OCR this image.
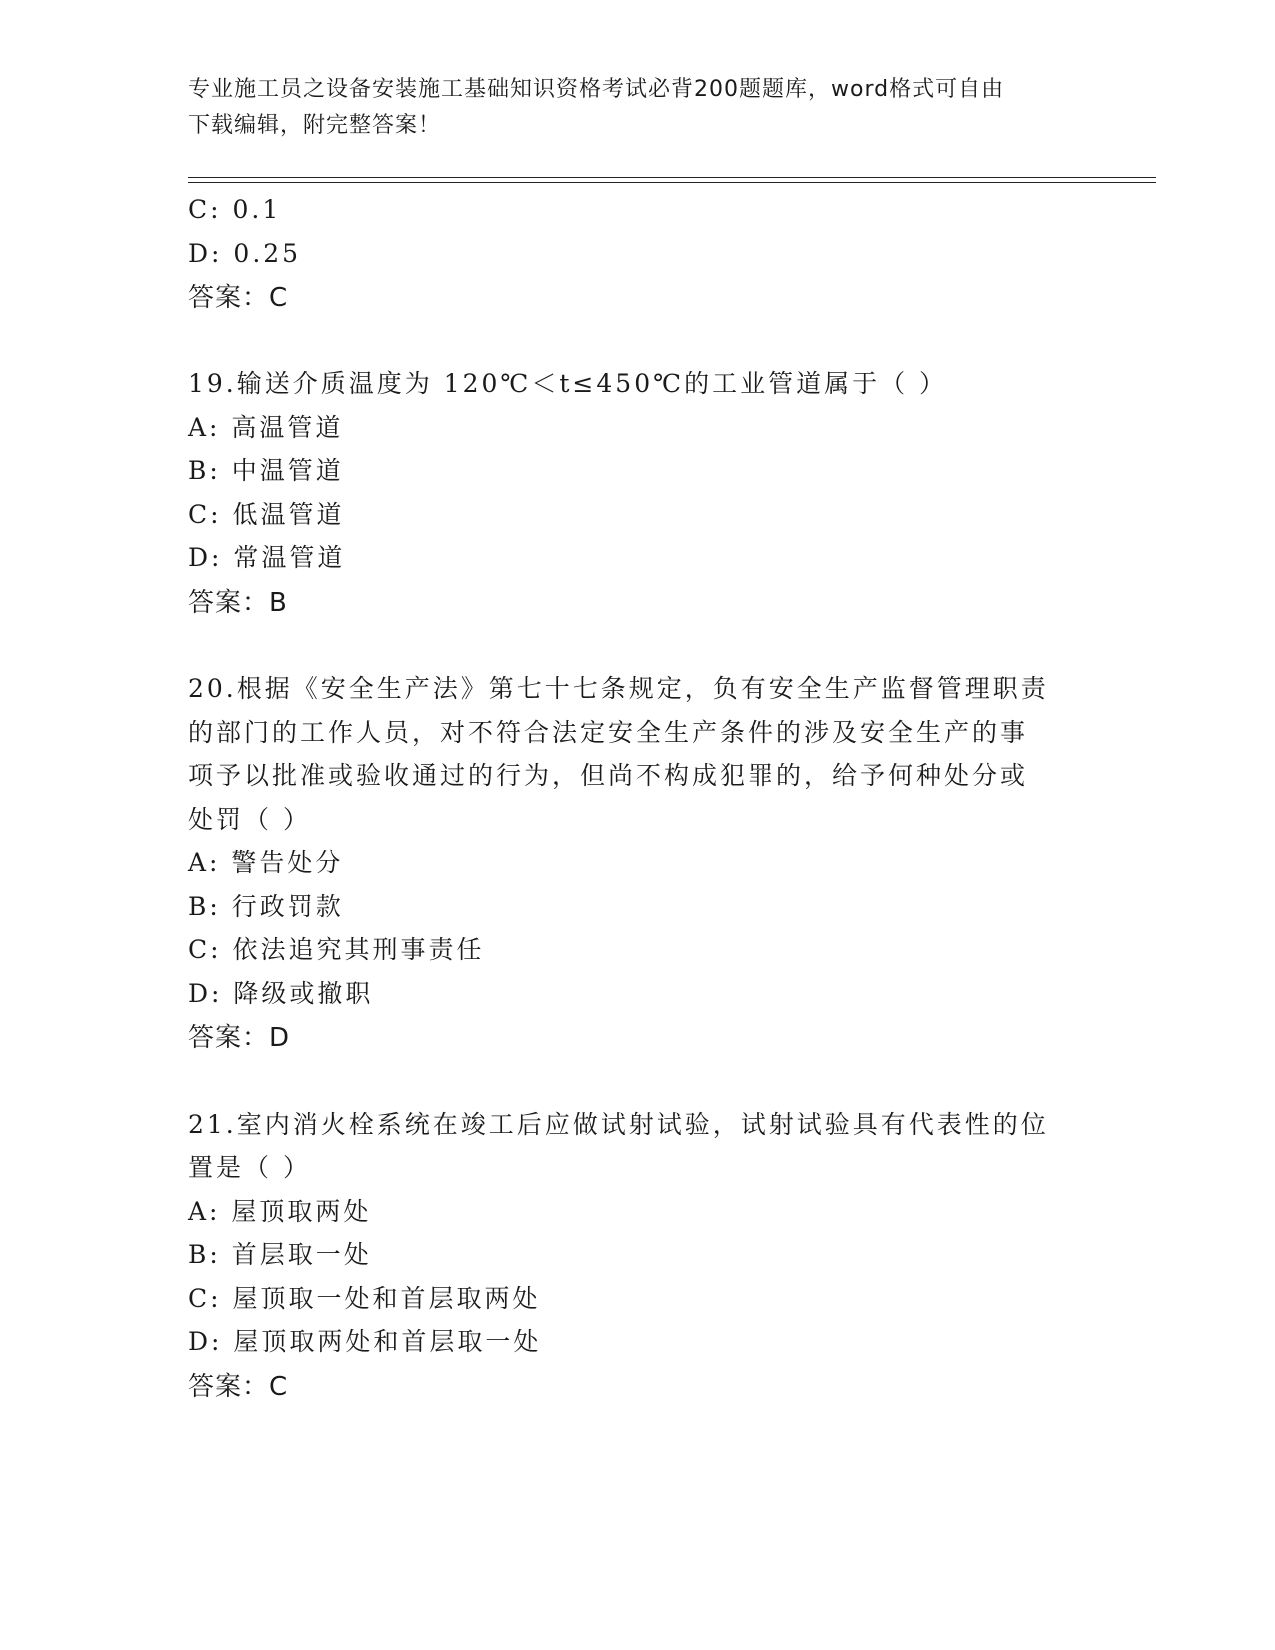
专业施工员之设备安装施工基础知识资格考试必背200题题库，word格式可自由
下载编辑，附完整答案！
C: 0.1
D: 0.25
答案：C
19.输送介质温度为 120℃＜t≤450℃的工业管道属于（ ）
A: 高温管道
B: 中温管道
C: 低温管道
D: 常温管道
答案：B
20.根据《安全生产法》第七十七条规定，负有安全生产监督管理职责
的部门的工作人员，对不符合法定安全生产条件的涉及安全生产的事
项予以批准或验收通过的行为，但尚不构成犯罪的，给予何种处分或
处罚（ ）
A: 警告处分
B: 行政罚款
C: 依法追究其刑事责任
D: 降级或撤职
答案：D
21.室内消火栓系统在竣工后应做试射试验，试射试验具有代表性的位
置是（ ）
A: 屋顶取两处
B: 首层取一处
C: 屋顶取一处和首层取两处
D: 屋顶取两处和首层取一处
答案：C
